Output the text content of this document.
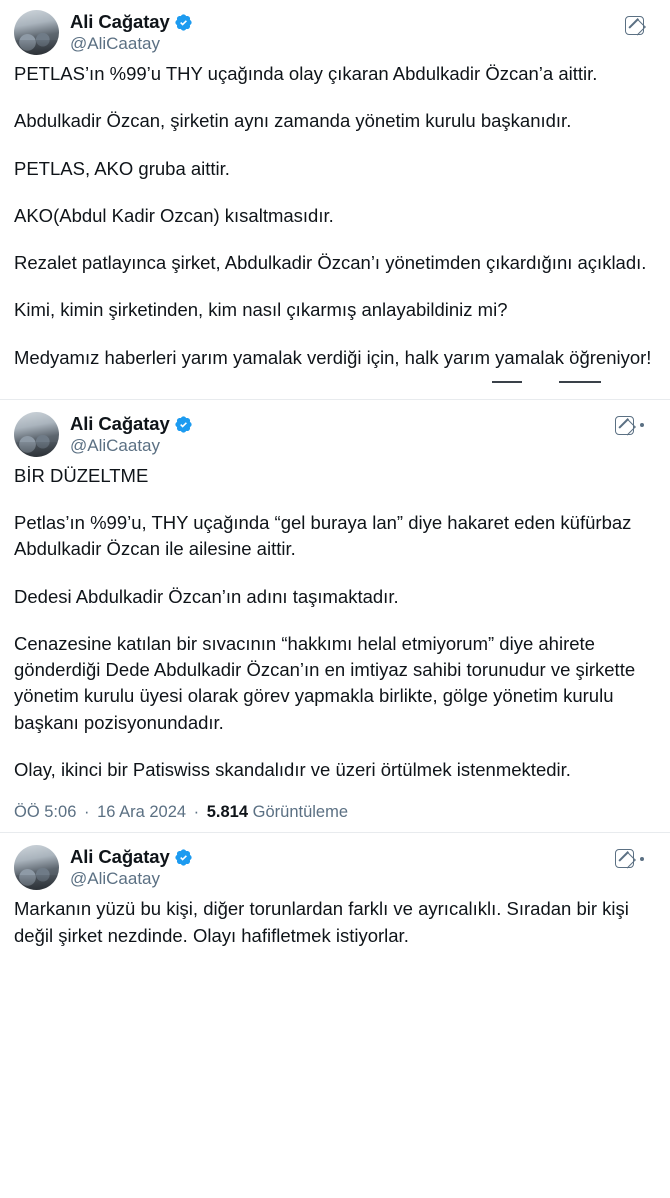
Ali Cağatay
@AliCaatay

PETLAS’ın %99’u THY uçağında olay çıkaran Abdulkadir Özcan’a aittir.

Abdulkadir Özcan, şirketin aynı zamanda yönetim kurulu başkanıdır.

PETLAS, AKO gruba aittir.

AKO(Abdul Kadir Ozcan) kısaltmasıdır.

Rezalet patlayınca şirket, Abdulkadir Özcan’ı yönetimden çıkardığını açıkladı.

Kimi, kimin şirketinden, kim nasıl çıkarmış anlayabildiniz mi?

Medyamız haberleri yarım yamalak verdiği için, halk yarım yamalak öğreniyor!

Ali Cağatay
@AliCaatay

BİR DÜZELTME

Petlas’ın %99’u, THY uçağında “gel buraya lan” diye hakaret eden küfürbaz Abdulkadir Özcan ile ailesine aittir.

Dedesi Abdulkadir Özcan’ın adını taşımaktadır.

Cenazesine katılan bir sıvacının “hakkımı helal etmiyorum” diye ahirete gönderdiği Dede Abdulkadir Özcan’ın en imtiyaz sahibi torunudur ve şirkette yönetim kurulu üyesi olarak görev yapmakla birlikte, gölge yönetim kurulu başkanı pozisyonundadır.

Olay, ikinci bir Patiswiss skandalıdır ve üzeri örtülmek istenmektedir.

ÖÖ 5:06 · 16 Ara 2024 · 5.814 Görüntüleme
Ali Cağatay
@AliCaatay

Markanın yüzü bu kişi, diğer torunlardan farklı ve ayrıcalıklı. Sıradan bir kişi değil şirket nezdinde. Olayı hafifletmek istiyorlar.
